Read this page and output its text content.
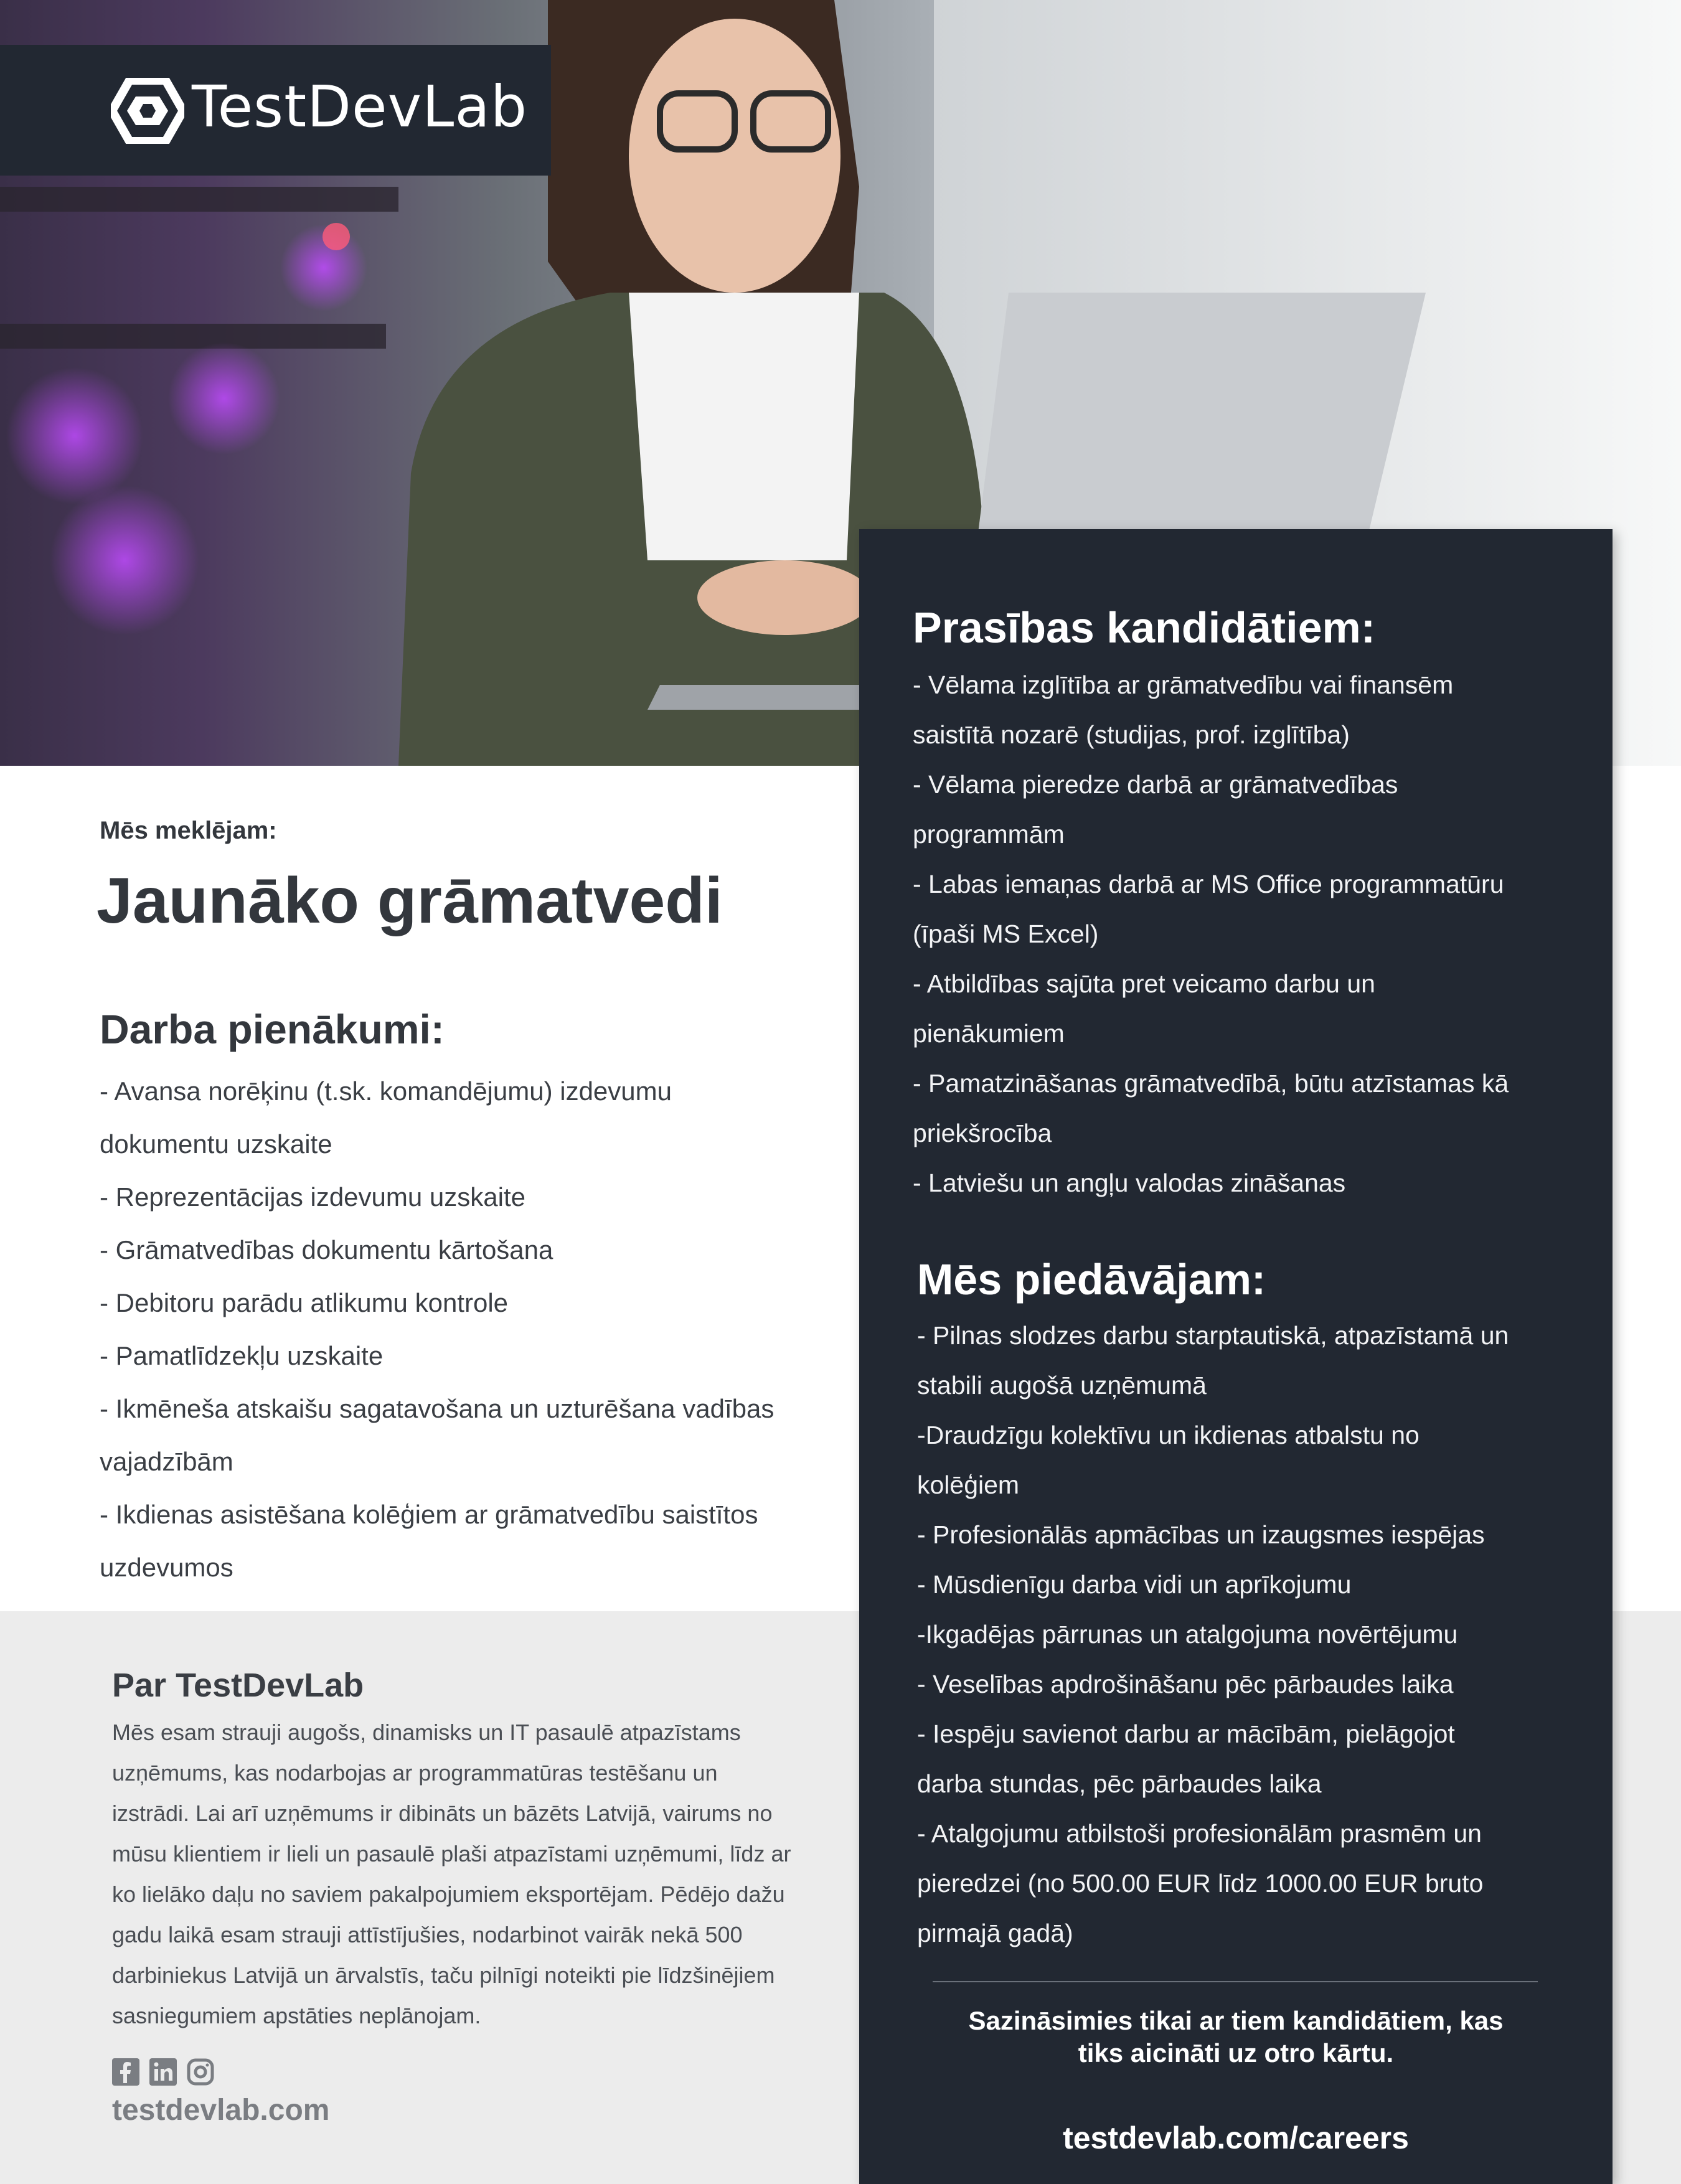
TestDevLab
Mēs meklējam:
Jaunāko grāmatvedi
Darba pienākumi:
- Avansa norēķinu (t.sk. komandējumu) izdevumu
dokumentu uzskaite
- Reprezentācijas izdevumu uzskaite
- Grāmatvedības dokumentu kārtošana
- Debitoru parādu atlikumu kontrole
- Pamatlīdzekļu uzskaite
- Ikmēneša atskaišu sagatavošana un uzturēšana vadības
vajadzībām
- Ikdienas asistēšana kolēģiem ar grāmatvedību saistītos
uzdevumos
Par TestDevLab

Mēs esam strauji augošs, dinamisks un IT pasaulē atpazīstams uzņēmums, kas nodarbojas ar programmatūras testēšanu un izstrādi. Lai arī uzņēmums ir dibināts un bāzēts Latvijā, vairums no mūsu klientiem ir lieli un pasaulē plaši atpazīstami uzņēmumi, līdz ar ko lielāko daļu no saviem pakalpojumiem eksportējam. Pēdējo dažu gadu laikā esam strauji attīstījušies, nodarbinot vairāk nekā 500 darbiniekus Latvijā un ārvalstīs, taču pilnīgi noteikti pie līdzšinējiem sasniegumiem apstāties neplānojam.

testdevlab.com
Prasības kandidātiem:
- Vēlama izglītība ar grāmatvedību vai finansēm
saistītā nozarē (studijas, prof. izglītība)
- Vēlama pieredze darbā ar grāmatvedības
programmām
- Labas iemaņas darbā ar MS Office programmatūru
(īpaši MS Excel)
- Atbildības sajūta pret veicamo darbu un
pienākumiem
- Pamatzināšanas grāmatvedībā, būtu atzīstamas kā
priekšrocība
- Latviešu un angļu valodas zināšanas
Mēs piedāvājam:
- Pilnas slodzes darbu starptautiskā, atpazīstamā un
stabili augošā uzņēmumā
-Draudzīgu kolektīvu un ikdienas atbalstu no
kolēģiem
- Profesionālās apmācības un izaugsmes iespējas
- Mūsdienīgu darba vidi un aprīkojumu
-Ikgadējas pārrunas un atalgojuma novērtējumu
- Veselības apdrošināšanu pēc pārbaudes laika
- Iespēju savienot darbu ar mācībām, pielāgojot
darba stundas, pēc pārbaudes laika
- Atalgojumu atbilstoši profesionālām prasmēm un
pieredzei (no 500.00 EUR līdz 1000.00 EUR bruto
pirmajā gadā)
Sazināsimies tikai ar tiem kandidātiem, kas
tiks aicināti uz otro kārtu.
testdevlab.com/careers
